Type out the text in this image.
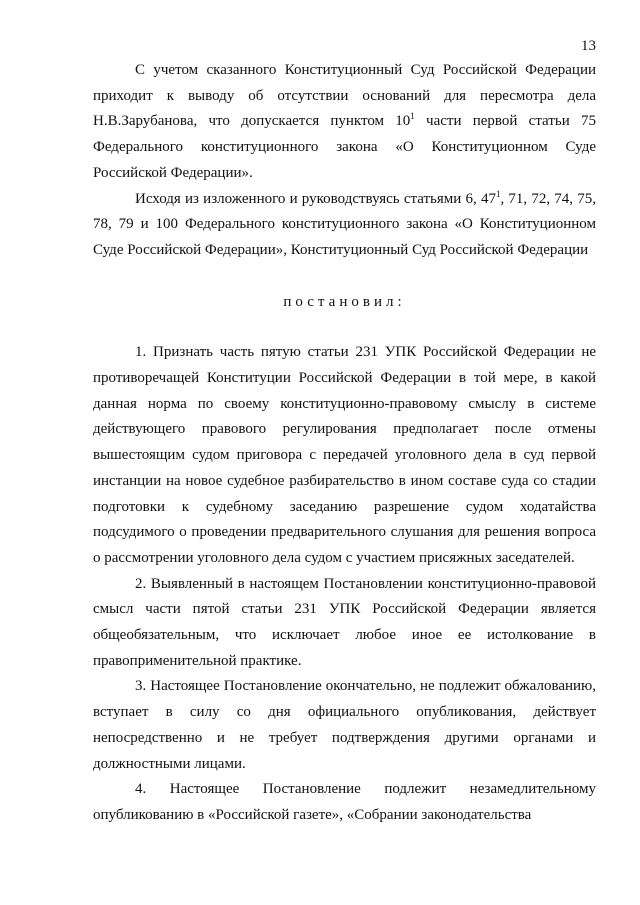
13

С учетом сказанного Конституционный Суд Российской Федерации приходит к выводу об отсутствии оснований для пересмотра дела Н.В.Зарубанова, что допускается пунктом $10^1$ части первой статьи 75 Федерального конституционного закона «О Конституционном Суде Российской Федерации».

Исходя из изложенного и руководствуясь статьями 6, $47^1$, 71, 72, 74, 75, 78, 79 и 100 Федерального конституционного закона «О Конституционном Суде Российской Федерации», Конституционный Суд Российской Федерации

постановил:

1. Признать часть пятую статьи 231 УПК Российской Федерации не противоречащей Конституции Российской Федерации в той мере, в какой данная норма по своему конституционно-правовому смыслу в системе действующего правового регулирования предполагает после отмены вышестоящим судом приговора с передачей уголовного дела в суд первой инстанции на новое судебное разбирательство в ином составе суда со стадии подготовки к судебному заседанию разрешение судом ходатайства подсудимого о проведении предварительного слушания для решения вопроса о рассмотрении уголовного дела судом с участием присяжных заседателей.

2. Выявленный в настоящем Постановлении конституционно-правовой смысл части пятой статьи 231 УПК Российской Федерации является общеобязательным, что исключает любое иное ее истолкование в правоприменительной практике.

3. Настоящее Постановление окончательно, не подлежит обжалованию, вступает в силу со дня официального опубликования, действует непосредственно и не требует подтверждения другими органами и должностными лицами.

4. Настоящее Постановление подлежит незамедлительному опубликованию в «Российской газете», «Собрании законодательства
